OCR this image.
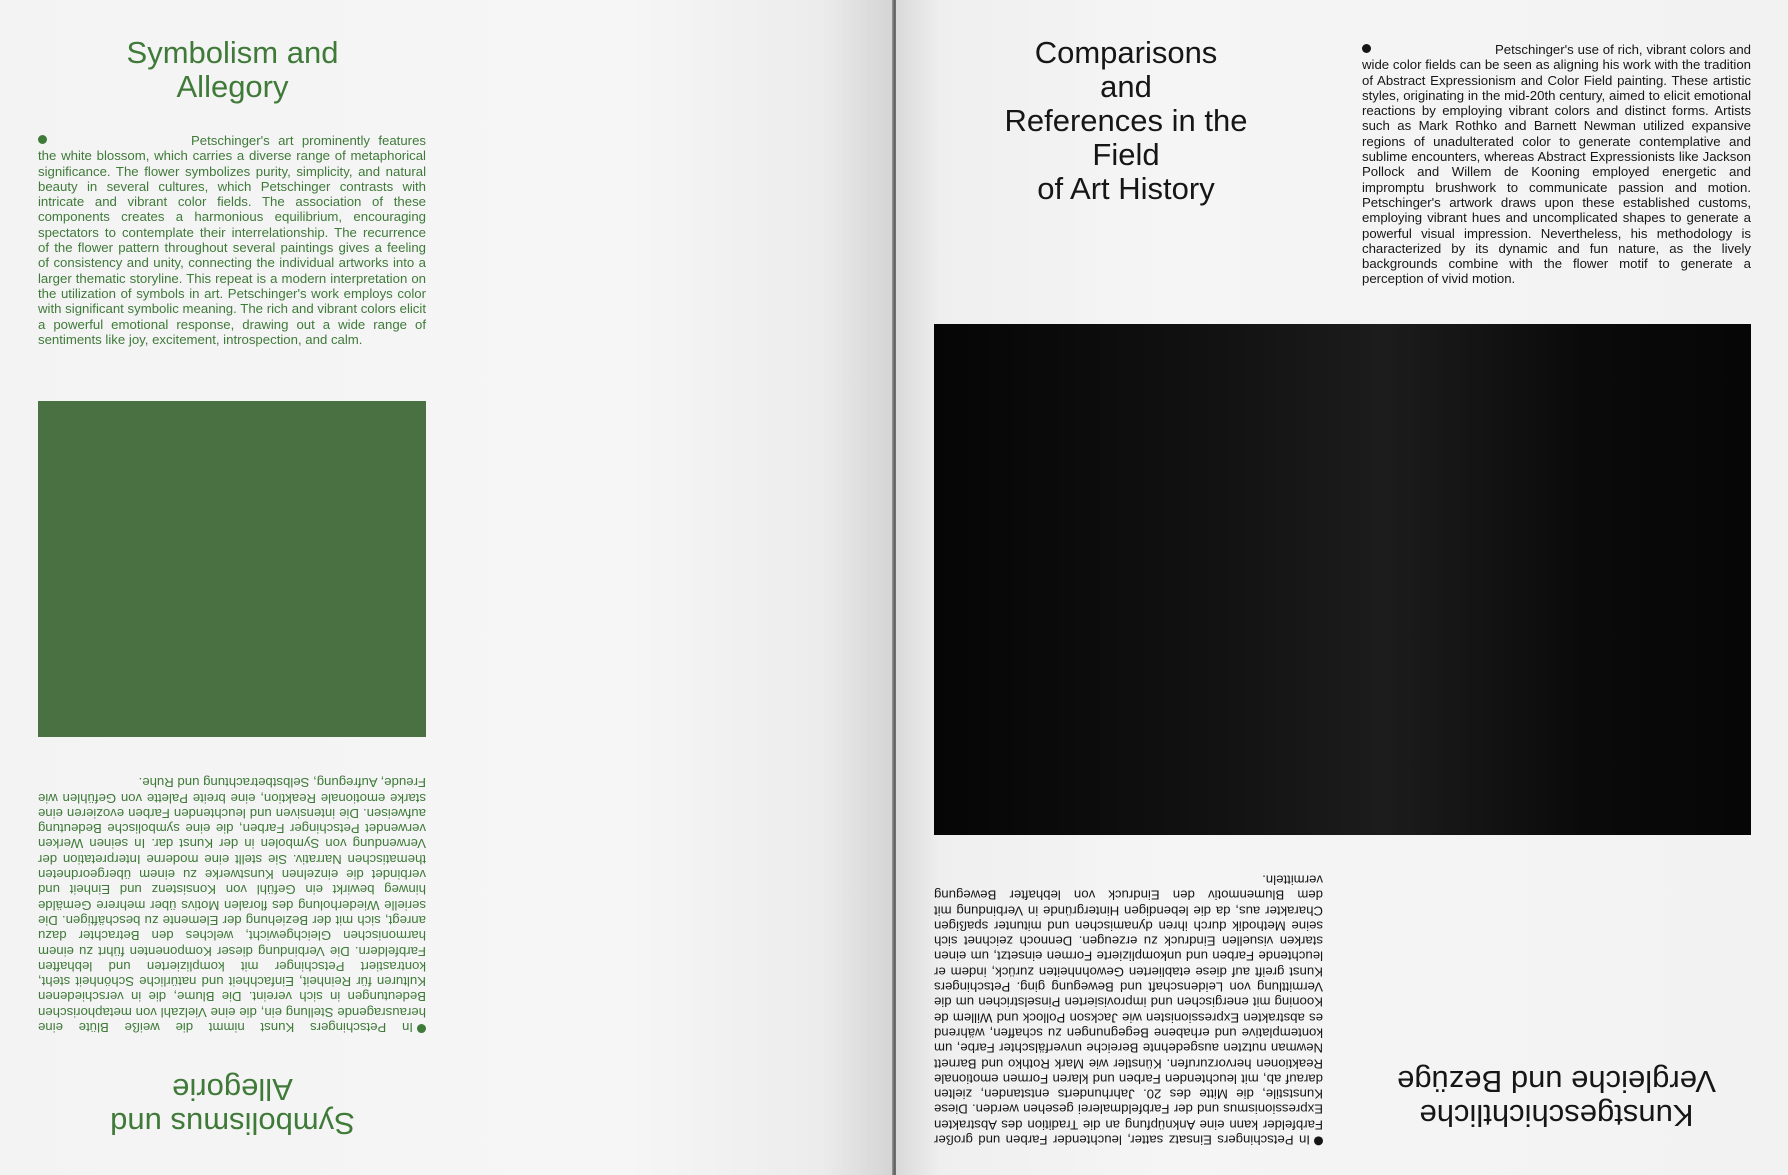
Symbolism and
Allegory

Petschinger's art prominently features the white blossom, which carries a diverse range of metaphorical significance. The flower symbolizes purity, simplicity, and natural beauty in several cultures, which Petschinger contrasts with intricate and vibrant color fields. The association of these components creates a harmonious equilibrium, encouraging spectators to contemplate their interrelationship. The recurrence of the flower pattern throughout several paintings gives a feeling of consistency and unity, connecting the individual artworks into a larger thematic storyline. This repeat is a modern interpretation on the utilization of symbols in art. Petschinger's work employs color with significant symbolic meaning. The rich and vibrant colors elicit a powerful emotional response, drawing out a wide range of sentiments like joy, excitement, introspection, and calm.

In Petschingers Kunst nimmt die weiße Blüte eine herausragende Stellung ein, die eine Vielzahl von metaphorischen Bedeutungen in sich vereint. Die Blume, die in verschiedenen Kulturen für Reinheit, Einfachheit und natürliche Schönheit steht, kontrastiert Petschinger mit komplizierten und lebhaften Farbfeldern. Die Verbindung dieser Komponenten führt zu einem harmonischen Gleichgewicht, welches den Betrachter dazu anregt, sich mit der Beziehung der Elemente zu beschäftigen. Die serielle Wiederholung des floralen Motivs über mehrere Gemälde hinweg bewirkt ein Gefühl von Konsistenz und Einheit und verbindet die einzelnen Kunstwerke zu einem übergeordneten thematischen Narrativ. Sie stellt eine moderne Interpretation der Verwendung von Symbolen in der Kunst dar. In seinen Werken verwendet Petschinger Farben, die eine symbolische Bedeutung aufweisen. Die intensiven und leuchtenden Farben evozieren eine starke emotionale Reaktion, eine breite Palette von Gefühlen wie Freude, Aufregung, Selbstbetrachtung und Ruhe.

Symbolismus und
Allegorie
Comparisons
and
References in the
Field
of Art History

Petschinger's use of rich, vibrant colors and wide color fields can be seen as aligning his work with the tradition of Abstract Expressionism and Color Field painting. These artistic styles, originating in the mid-20th century, aimed to elicit emotional reactions by employing vibrant colors and distinct forms. Artists such as Mark Rothko and Barnett Newman utilized expansive regions of unadulterated color to generate contemplative and sublime encounters, whereas Abstract Expressionists like Jackson Pollock and Willem de Kooning employed energetic and impromptu brushwork to communicate passion and motion. Petschinger's artwork draws upon these established customs, employing vibrant hues and uncomplicated shapes to generate a powerful visual impression. Nevertheless, his methodology is characterized by its dynamic and fun nature, as the lively backgrounds combine with the flower motif to generate a perception of vivid motion.

In Petschingers Einsatz satter, leuchtender Farben und großer Farbfelder kann eine Anknüpfung an die Tradition des Abstrakten Expressionismus und der Farbfeldmalerei gesehen werden. Diese Kunststile, die Mitte des 20. Jahrhunderts entstanden, zielten darauf ab, mit leuchtenden Farben und klaren Formen emotionale Reaktionen hervorzurufen. Künstler wie Mark Rothko und Barnett Newman nutzten ausgedehnte Bereiche unverfälschter Farbe, um kontemplative und erhabene Begegnungen zu schaffen, während es abstrakten Expressionisten wie Jackson Pollock und Willem de Kooning mit energischen und improvisierten Pinselstrichen um die Vermittlung von Leidenschaft und Bewegung ging. Petschingers Kunst greift auf diese etablierten Gewohnheiten zurück, indem er leuchtende Farben und unkomplizierte Formen einsetzt, um einen starken visuellen Eindruck zu erzeugen. Dennoch zeichnet sich seine Methodik durch ihren dynamischen und mitunter spaßigen Charakter aus, da die lebendigen Hintergründe in Verbindung mit dem Blumenmotiv den Eindruck von lebhafter Bewegung vermitteln.

Kunstgeschichtliche
Vergleiche und Bezüge
